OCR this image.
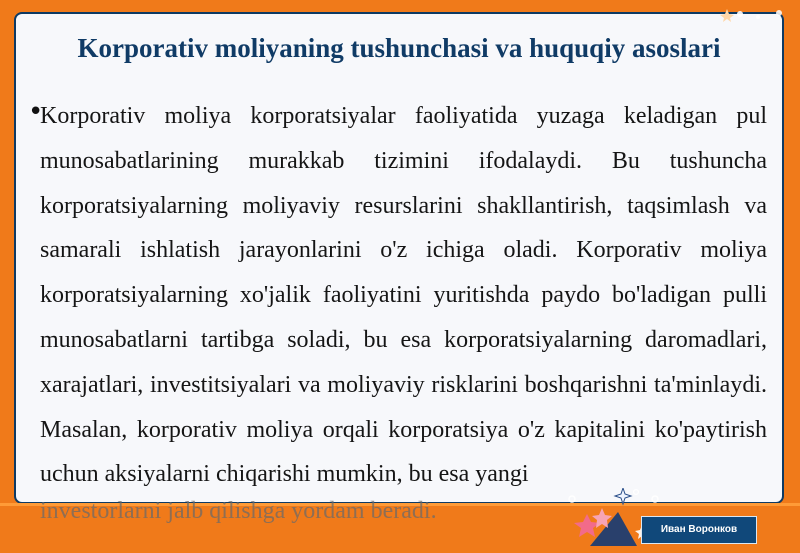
Korporativ moliyaning tushunchasi va huquqiy asoslari
•

Korporativ moliya korporatsiyalar faoliyatida yuzaga keladigan pul munosabatlarining murakkab tizimini ifodalaydi. Bu tushuncha korporatsiyalarning moliyaviy resurslarini shakllantirish, taqsimlash va samarali ishlatish jarayonlarini o'z ichiga oladi. Korporativ moliya korporatsiyalarning xo'jalik faoliyatini yuritishda paydo bo'ladigan pulli munosabatlarni tartibga soladi, bu esa korporatsiyalarning daromadlari, xarajatlari, investitsiyalari va moliyaviy risklarini boshqarishni ta'minlaydi. Masalan, korporativ moliya orqali korporatsiya o'z kapitalini ko'paytirish uchun aksiyalarni chiqarishi mumkin, bu esa yangi

investorlarni jalb qilishga yordam beradi.

Иван Воронков
